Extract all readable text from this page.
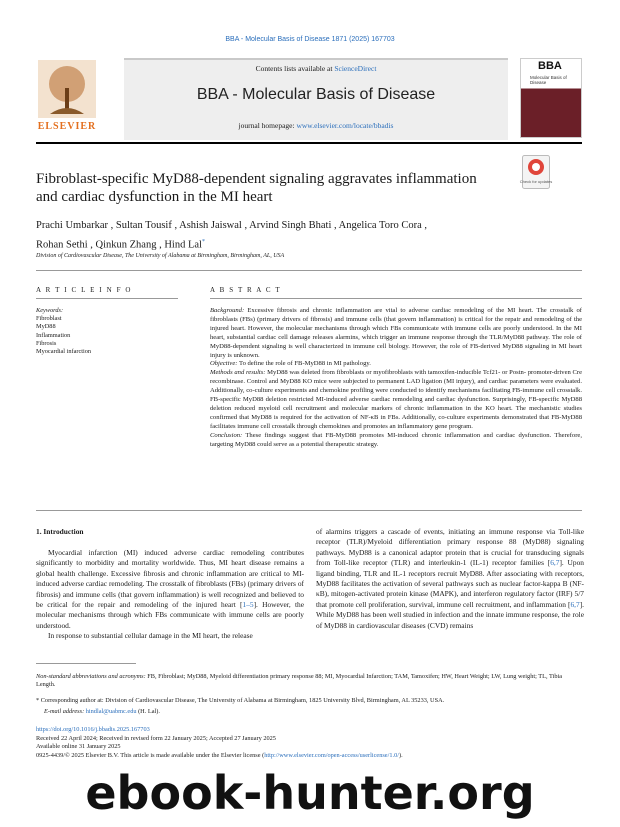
BBA - Molecular Basis of Disease 1871 (2025) 167703
ELSEVIER
Contents lists available at ScienceDirect
BBA - Molecular Basis of Disease
journal homepage: www.elsevier.com/locate/bbadis
BBA
Molecular Basis of Disease
Fibroblast-specific MyD88-dependent signaling aggravates inflammation and cardiac dysfunction in the MI heart
Check for updates
Prachi Umbarkar , Sultan Tousif , Ashish Jaiswal , Arvind Singh Bhati , Angelica Toro Cora ,
Rohan Sethi , Qinkun Zhang , Hind Lal*
Division of Cardiovascular Disease, The University of Alabama at Birmingham, Birmingham, AL, USA
A R T I C L E I N F O	A B S T R A C T
Keywords:
Fibroblast
MyD88
Inflammation
Fibrosis
Myocardial infarction

Background: Excessive fibrosis and chronic inflammation are vital to adverse cardiac remodeling of the MI heart. The crosstalk of fibroblasts (FBs) (primary drivers of fibrosis) and immune cells (that govern inflammation) is critical for the repair and remodeling of the injured heart. However, the molecular mechanisms through which FBs communicate with immune cells are poorly understood. In the MI heart, substantial cardiac cell damage releases alarmins, which trigger an immune response through the TLR/MyD88 pathway. The role of MyD88-dependent signaling is well characterized in immune cell biology. However, the role of FB-derived MyD88 signaling in MI heart injury is unknown.

Objective: To define the role of FB-MyD88 in MI pathology.

Methods and results: MyD88 was deleted from fibroblasts or myofibroblasts with tamoxifen-inducible Tcf21- or Postn- promoter-driven Cre recombinase. Control and MyD88 KO mice were subjected to permanent LAD ligation (MI injury), and cardiac parameters were evaluated. Additionally, co-culture experiments and chemokine profiling were conducted to identify mechanisms facilitating FB-immune cell crosstalk. FB-specific MyD88 deletion restricted MI-induced adverse cardiac remodeling and cardiac dysfunction. Surprisingly, FB-specific MyD88 deletion reduced myeloid cell recruitment and molecular markers of chronic inflammation in the KO heart. The mechanistic studies confirmed that MyD88 is required for the activation of NF-κB in FBs. Additionally, co-culture experiments demonstrated that FB-MyD88 facilitates immune cell crosstalk through chemokines and promotes an inflammatory gene program.

Conclusion: These findings suggest that FB-MyD88 promotes MI-induced chronic inflammation and cardiac dysfunction. Therefore, targeting MyD88 could serve as a potential therapeutic strategy.

1. Introduction

Myocardial infarction (MI) induced adverse cardiac remodeling contributes significantly to morbidity and mortality worldwide. Thus, MI heart disease remains a global health challenge. Excessive fibrosis and chronic inflammation are critical to MI-induced adverse cardiac remodeling. The crosstalk of fibroblasts (FBs) (primary drivers of fibrosis) and immune cells (that govern inflammation) is well recognized and believed to be critical for the repair and remodeling of the injured heart [1–5]. However, the molecular mechanisms through which FBs communicate with immune cells are poorly understood.

In response to substantial cellular damage in the MI heart, the release

of alarmins triggers a cascade of events, initiating an immune response via Toll-like receptor (TLR)/Myeloid differentiation primary response 88 (MyD88) signaling pathways. MyD88 is a canonical adaptor protein that is crucial for transducing signals from Toll-like receptor (TLR) and interleukin-1 (IL-1) receptor families [6,7]. Upon ligand binding, TLR and IL-1 receptors recruit MyD88. After associating with receptors, MyD88 facilitates the activation of several pathways such as nuclear factor-kappa B (NF-κB), mitogen-activated protein kinase (MAPK), and interferon regulatory factor (IRF) 5/7 that promote cell proliferation, survival, immune cell recruitment, and inflammation [6,7]. While MyD88 has been well studied in infection and the innate immune response, the role of MyD88 in cardiovascular diseases (CVD) remains

Non-standard abbreviations and acronyms: FB, Fibroblast; MyD88, Myeloid differentiation primary response 88; MI, Myocardial Infarction; TAM, Tamoxifen; HW, Heart Weight; LW, Lung weight; TL, Tibia Length.
* Corresponding author at: Division of Cardiovascular Disease, The University of Alabama at Birmingham, 1825 University Blvd, Birmingham, AL 35233, USA.
E-mail address: hindlal@uabmc.edu (H. Lal).
https://doi.org/10.1016/j.bbadis.2025.167703
Received 22 April 2024; Received in revised form 22 January 2025; Accepted 27 January 2025
Available online 31 January 2025
0925-4439/© 2025 Elsevier B.V. This article is made available under the Elsevier license (http://www.elsevier.com/open-access/userlicense/1.0/).
ebook-hunter.org
